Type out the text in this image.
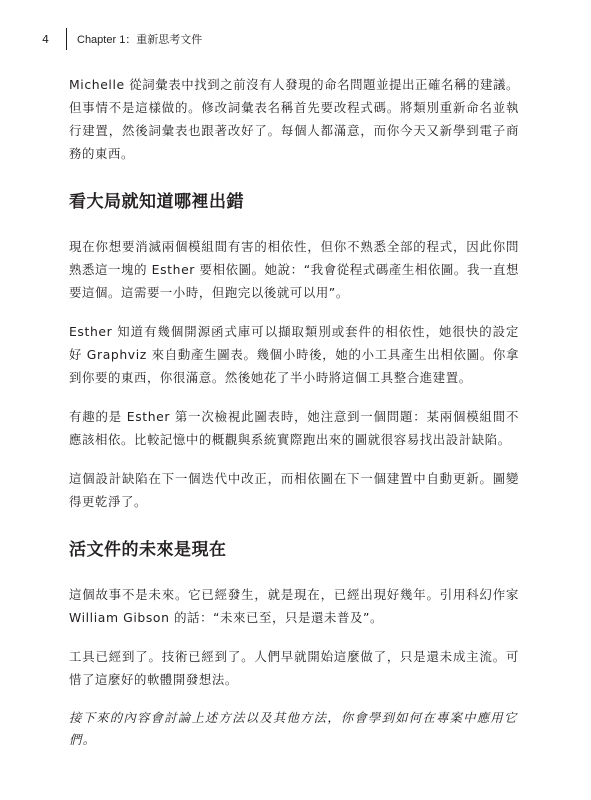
4	Chapter 1：重新思考文件

Michelle 從詞彙表中找到之前沒有人發現的命名問題並提出正確名稱的建議。但事情不是這樣做的。修改詞彙表名稱首先要改程式碼。將類別重新命名並執行建置，然後詞彙表也跟著改好了。每個人都滿意，而你今天又新學到電子商務的東西。

看大局就知道哪裡出錯

現在你想要消滅兩個模組間有害的相依性，但你不熟悉全部的程式，因此你問熟悉這一塊的 Esther 要相依圖。她說：“我會從程式碼產生相依圖。我一直想要這個。這需要一小時，但跑完以後就可以用”。

Esther 知道有幾個開源函式庫可以擷取類別或套件的相依性，她很快的設定好 Graphviz 來自動產生圖表。幾個小時後，她的小工具產生出相依圖。你拿到你要的東西，你很滿意。然後她花了半小時將這個工具整合進建置。

有趣的是 Esther 第一次檢視此圖表時，她注意到一個問題：某兩個模組間不應該相依。比較記憶中的概觀與系統實際跑出來的圖就很容易找出設計缺陷。

這個設計缺陷在下一個迭代中改正，而相依圖在下一個建置中自動更新。圖變得更乾淨了。

活文件的未來是現在

這個故事不是未來。它已經發生，就是現在，已經出現好幾年。引用科幻作家 William Gibson 的話：“未來已至，只是還未普及”。

工具已經到了。技術已經到了。人們早就開始這麼做了，只是還未成主流。可惜了這麼好的軟體開發想法。

接下來的內容會討論上述方法以及其他方法，你會學到如何在專案中應用它們。
